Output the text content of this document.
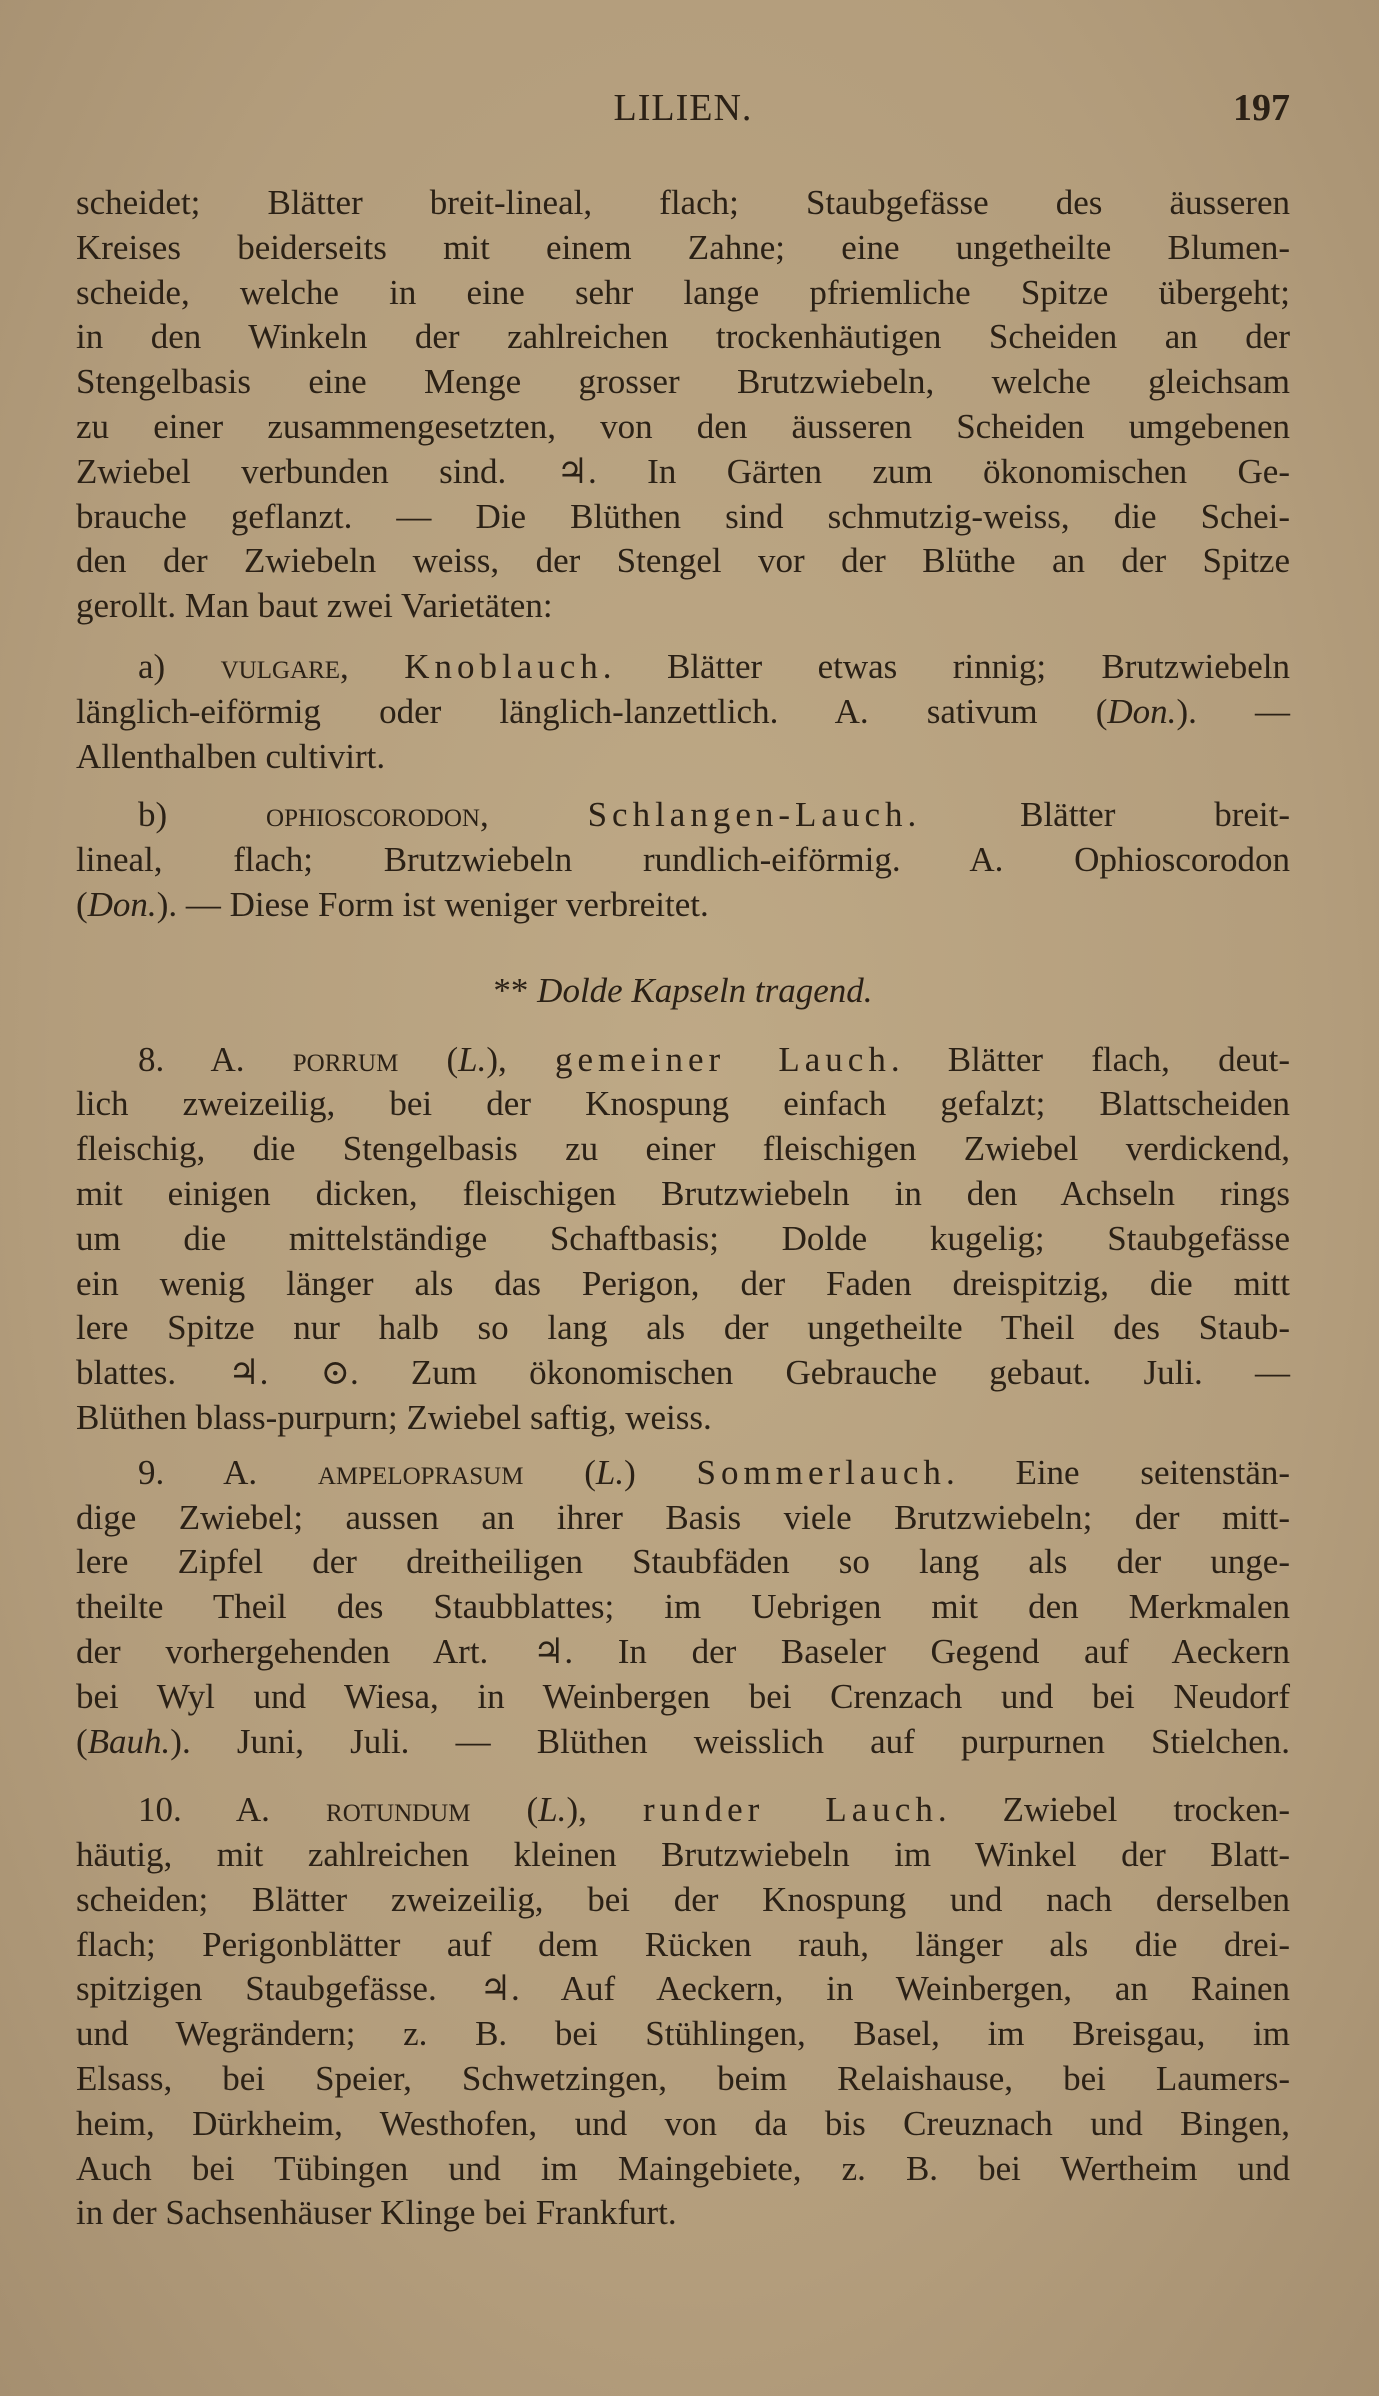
LILIEN.	197
scheidet; Blätter breit-lineal, flach; Staubgefässe des äusseren
Kreises beiderseits mit einem Zahne; eine ungetheilte Blumen-
scheide, welche in eine sehr lange pfriemliche Spitze übergeht;
in den Winkeln der zahlreichen trockenhäutigen Scheiden an der
Stengelbasis eine Menge grosser Brutzwiebeln, welche gleichsam
zu einer zusammengesetzten, von den äusseren Scheiden umgebenen
Zwiebel verbunden sind. ♃. In Gärten zum ökonomischen Ge-
brauche geflanzt. — Die Blüthen sind schmutzig-weiss, die Schei-
den der Zwiebeln weiss, der Stengel vor der Blüthe an der Spitze
gerollt. Man baut zwei Varietäten:
a) vulgare, Knoblauch. Blätter etwas rinnig; Brutzwiebeln
länglich-eiförmig oder länglich-lanzettlich. A. sativum (Don.). —
Allenthalben cultivirt.
b) ophioscorodon, Schlangen-Lauch. Blätter breit-
lineal, flach; Brutzwiebeln rundlich-eiförmig. A. Ophioscorodon
(Don.). — Diese Form ist weniger verbreitet.
** Dolde Kapseln tragend.
8. A. porrum (L.), gemeiner Lauch. Blätter flach, deut-
lich zweizeilig, bei der Knospung einfach gefalzt; Blattscheiden
fleischig, die Stengelbasis zu einer fleischigen Zwiebel verdickend,
mit einigen dicken, fleischigen Brutzwiebeln in den Achseln rings
um die mittelständige Schaftbasis; Dolde kugelig; Staubgefässe
ein wenig länger als das Perigon, der Faden dreispitzig, die mitt
lere Spitze nur halb so lang als der ungetheilte Theil des Staub-
blattes. ♃. ⊙. Zum ökonomischen Gebrauche gebaut. Juli. —
Blüthen blass-purpurn; Zwiebel saftig, weiss.
9. A. ampeloprasum (L.) Sommerlauch. Eine seitenstän-
dige Zwiebel; aussen an ihrer Basis viele Brutzwiebeln; der mitt-
lere Zipfel der dreitheiligen Staubfäden so lang als der unge-
theilte Theil des Staubblattes; im Uebrigen mit den Merkmalen
der vorhergehenden Art. ♃. In der Baseler Gegend auf Aeckern
bei Wyl und Wiesa, in Weinbergen bei Crenzach und bei Neudorf
(Bauh.). Juni, Juli. — Blüthen weisslich auf purpurnen Stielchen.
10. A. rotundum (L.), runder Lauch. Zwiebel trocken-
häutig, mit zahlreichen kleinen Brutzwiebeln im Winkel der Blatt-
scheiden; Blätter zweizeilig, bei der Knospung und nach derselben
flach; Perigonblätter auf dem Rücken rauh, länger als die drei-
spitzigen Staubgefässe. ♃. Auf Aeckern, in Weinbergen, an Rainen
und Wegrändern; z. B. bei Stühlingen, Basel, im Breisgau, im
Elsass, bei Speier, Schwetzingen, beim Relaishause, bei Laumers-
heim, Dürkheim, Westhofen, und von da bis Creuznach und Bingen,
Auch bei Tübingen und im Maingebiete, z. B. bei Wertheim und
in der Sachsenhäuser Klinge bei Frankfurt.
